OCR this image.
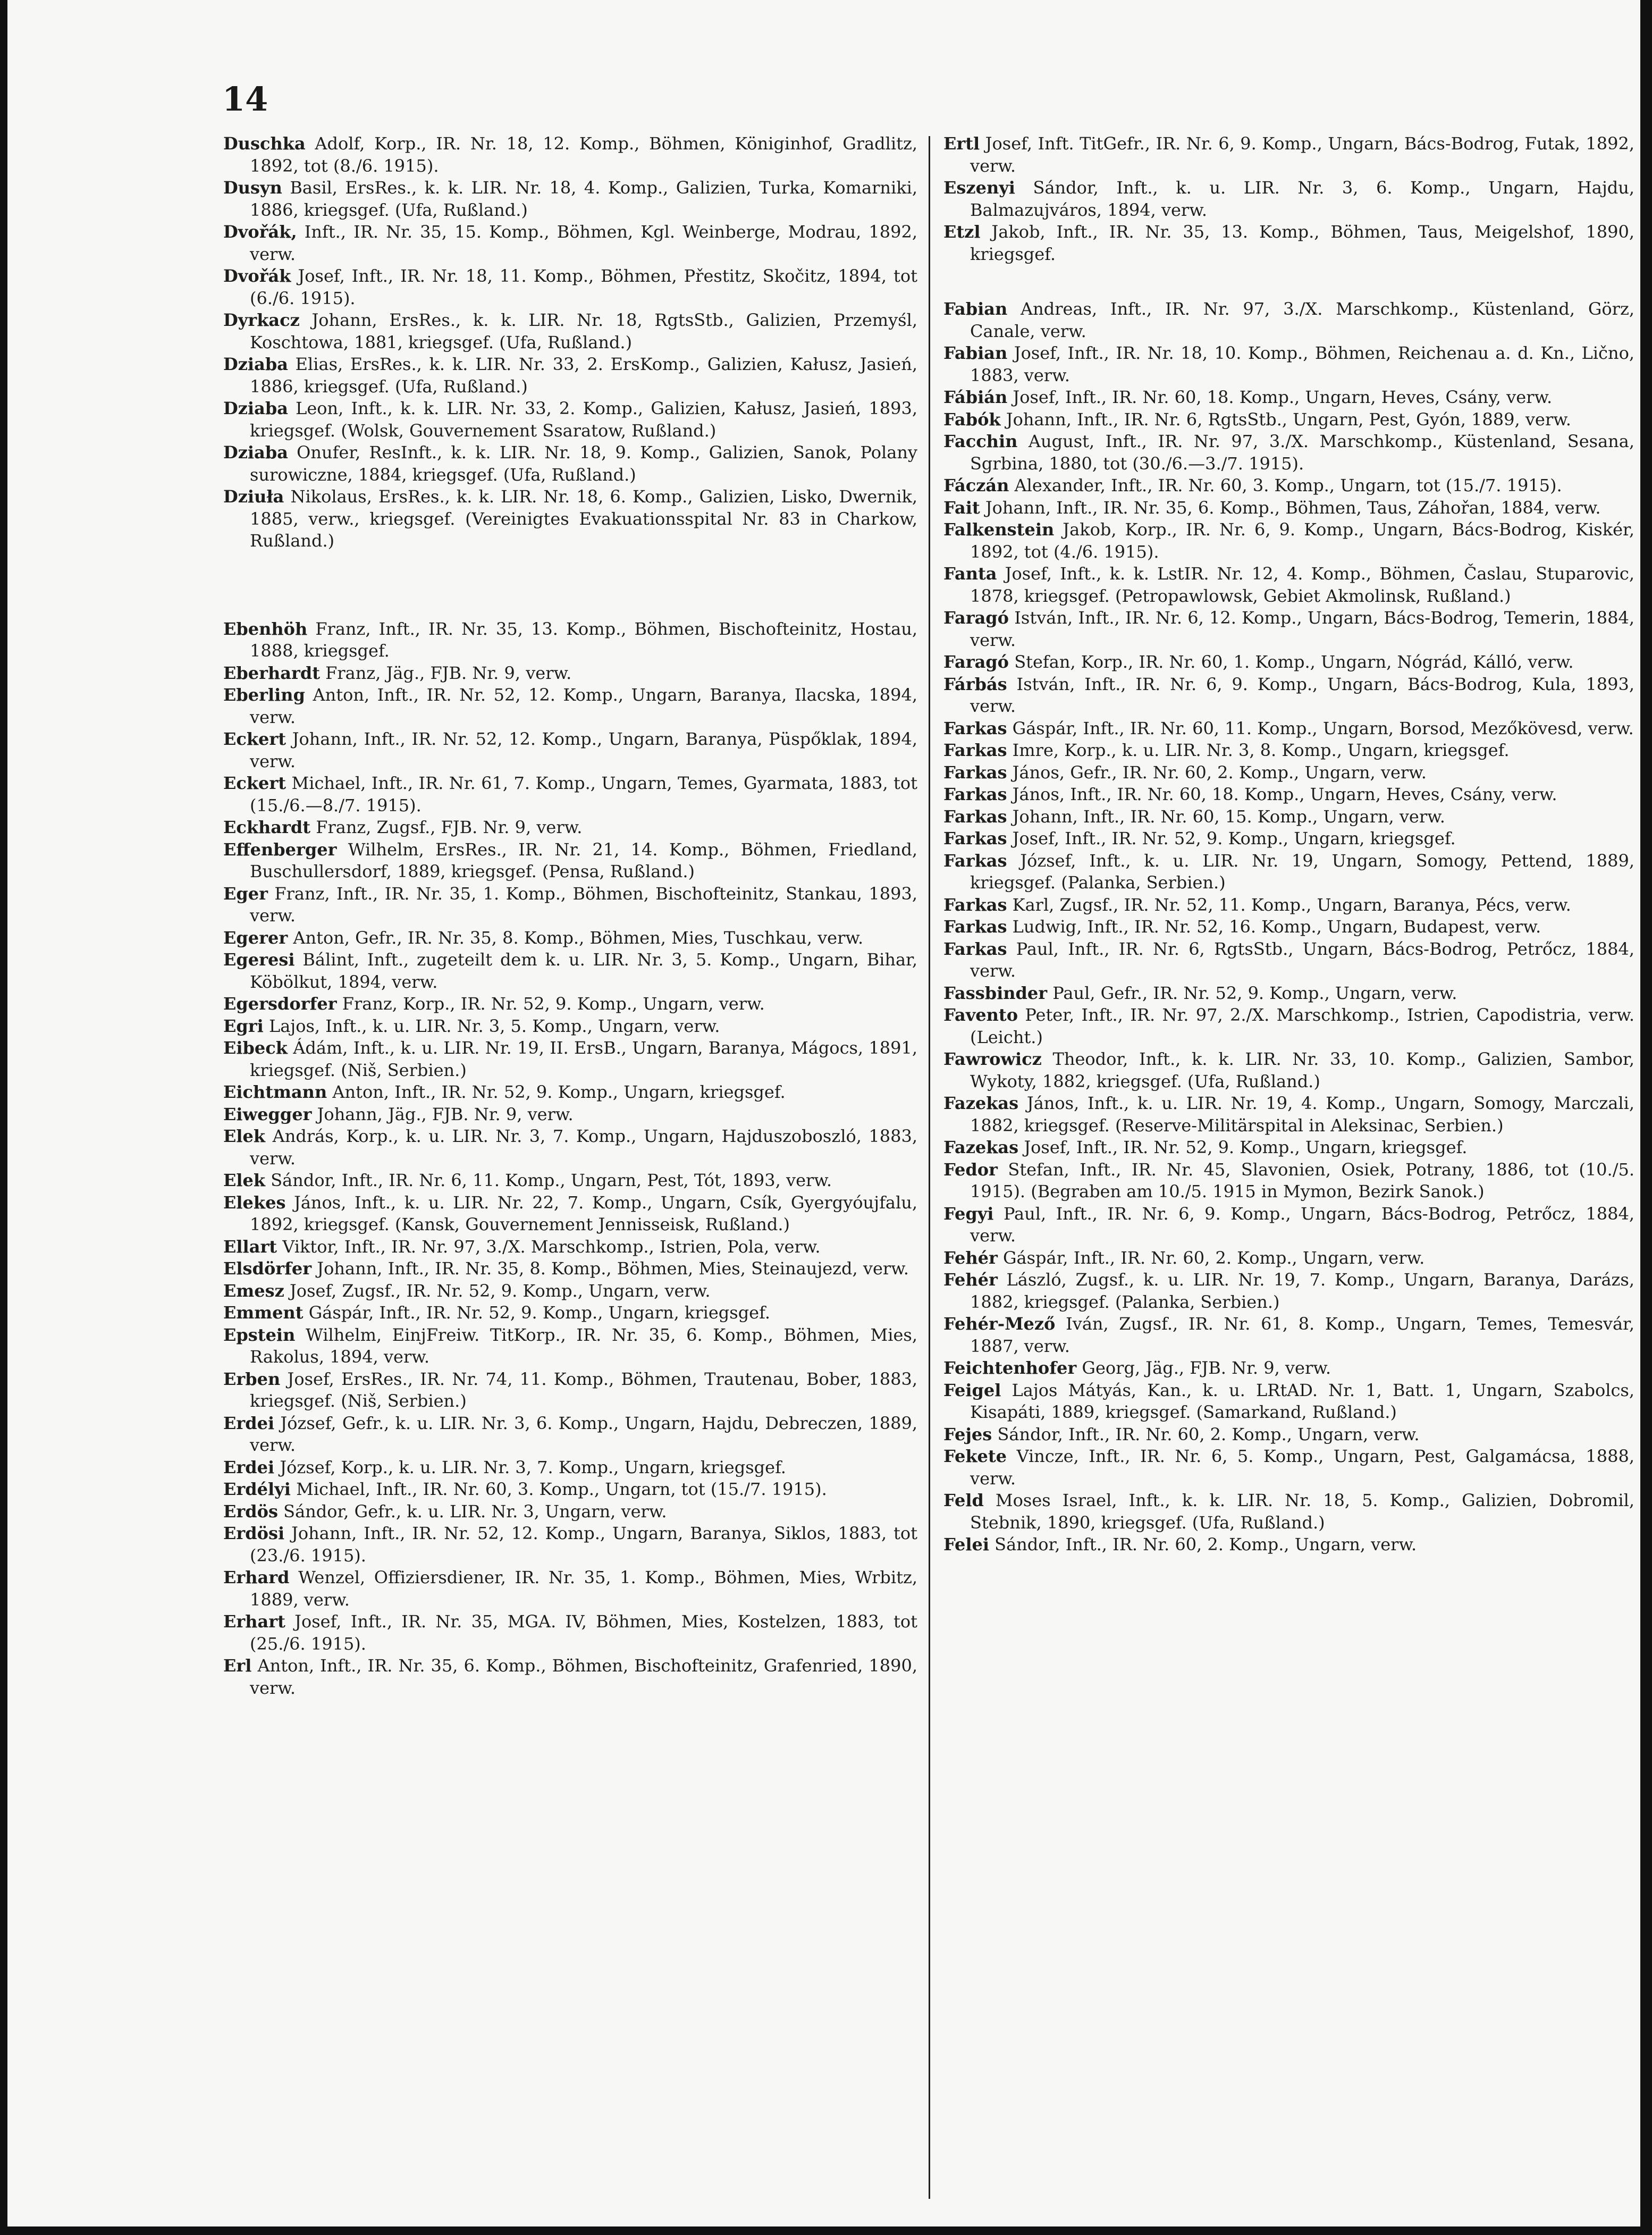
14

Duschka Adolf, Korp., IR. Nr. 18, 12. Komp., Böhmen, Königinhof, Gradlitz, 1892, tot (8./6. 1915).

Dusyn Basil, ErsRes., k. k. LIR. Nr. 18, 4. Komp., Galizien, Turka, Komarniki, 1886, kriegsgef. (Ufa, Rußland.)

Dvořák, Inft., IR. Nr. 35, 15. Komp., Böhmen, Kgl. Weinberge, Modrau, 1892, verw.

Dvořák Josef, Inft., IR. Nr. 18, 11. Komp., Böhmen, Přestitz, Skočitz, 1894, tot (6./6. 1915).

Dyrkacz Johann, ErsRes., k. k. LIR. Nr. 18, RgtsStb., Galizien, Przemyśl, Koschtowa, 1881, kriegsgef. (Ufa, Rußland.)

Dziaba Elias, ErsRes., k. k. LIR. Nr. 33, 2. ErsKomp., Galizien, Kałusz, Jasień, 1886, kriegsgef. (Ufa, Rußland.)

Dziaba Leon, Inft., k. k. LIR. Nr. 33, 2. Komp., Galizien, Kałusz, Jasień, 1893, kriegsgef. (Wolsk, Gouvernement Ssaratow, Rußland.)

Dziaba Onufer, ResInft., k. k. LIR. Nr. 18, 9. Komp., Galizien, Sanok, Polany surowiczne, 1884, kriegsgef. (Ufa, Rußland.)

Dziuła Nikolaus, ErsRes., k. k. LIR. Nr. 18, 6. Komp., Galizien, Lisko, Dwernik, 1885, verw., kriegsgef. (Vereinigtes Evakuationsspital Nr. 83 in Charkow, Rußland.)

Ebenhöh Franz, Inft., IR. Nr. 35, 13. Komp., Böhmen, Bischofteinitz, Hostau, 1888, kriegsgef.

Eberhardt Franz, Jäg., FJB. Nr. 9, verw.

Eberling Anton, Inft., IR. Nr. 52, 12. Komp., Ungarn, Baranya, Ilacska, 1894, verw.

Eckert Johann, Inft., IR. Nr. 52, 12. Komp., Ungarn, Baranya, Püspőklak, 1894, verw.

Eckert Michael, Inft., IR. Nr. 61, 7. Komp., Ungarn, Temes, Gyarmata, 1883, tot (15./6.—8./7. 1915).

Eckhardt Franz, Zugsf., FJB. Nr. 9, verw.

Effenberger Wilhelm, ErsRes., IR. Nr. 21, 14. Komp., Böhmen, Friedland, Buschullersdorf, 1889, kriegsgef. (Pensa, Rußland.)

Eger Franz, Inft., IR. Nr. 35, 1. Komp., Böhmen, Bischofteinitz, Stankau, 1893, verw.

Egerer Anton, Gefr., IR. Nr. 35, 8. Komp., Böhmen, Mies, Tuschkau, verw.

Egeresi Bálint, Inft., zugeteilt dem k. u. LIR. Nr. 3, 5. Komp., Ungarn, Bihar, Köbölkut, 1894, verw.

Egersdorfer Franz, Korp., IR. Nr. 52, 9. Komp., Ungarn, verw.

Egri Lajos, Inft., k. u. LIR. Nr. 3, 5. Komp., Ungarn, verw.

Eibeck Ádám, Inft., k. u. LIR. Nr. 19, II. ErsB., Ungarn, Baranya, Mágocs, 1891, kriegsgef. (Niš, Serbien.)

Eichtmann Anton, Inft., IR. Nr. 52, 9. Komp., Ungarn, kriegsgef.

Eiwegger Johann, Jäg., FJB. Nr. 9, verw.

Elek András, Korp., k. u. LIR. Nr. 3, 7. Komp., Ungarn, Hajduszoboszló, 1883, verw.

Elek Sándor, Inft., IR. Nr. 6, 11. Komp., Ungarn, Pest, Tót, 1893, verw.

Elekes János, Inft., k. u. LIR. Nr. 22, 7. Komp., Ungarn, Csík, Gyergyóujfalu, 1892, kriegsgef. (Kansk, Gouvernement Jennisseisk, Rußland.)

Ellart Viktor, Inft., IR. Nr. 97, 3./X. Marschkomp., Istrien, Pola, verw.

Elsdörfer Johann, Inft., IR. Nr. 35, 8. Komp., Böhmen, Mies, Steinaujezd, verw.

Emesz Josef, Zugsf., IR. Nr. 52, 9. Komp., Ungarn, verw.

Emment Gáspár, Inft., IR. Nr. 52, 9. Komp., Ungarn, kriegsgef.

Epstein Wilhelm, EinjFreiw. TitKorp., IR. Nr. 35, 6. Komp., Böhmen, Mies, Rakolus, 1894, verw.

Erben Josef, ErsRes., IR. Nr. 74, 11. Komp., Böhmen, Trautenau, Bober, 1883, kriegsgef. (Niš, Serbien.)

Erdei József, Gefr., k. u. LIR. Nr. 3, 6. Komp., Ungarn, Hajdu, Debreczen, 1889, verw.

Erdei József, Korp., k. u. LIR. Nr. 3, 7. Komp., Ungarn, kriegsgef.

Erdélyi Michael, Inft., IR. Nr. 60, 3. Komp., Ungarn, tot (15./7. 1915).

Erdös Sándor, Gefr., k. u. LIR. Nr. 3, Ungarn, verw.

Erdösi Johann, Inft., IR. Nr. 52, 12. Komp., Ungarn, Baranya, Siklos, 1883, tot (23./6. 1915).

Erhard Wenzel, Offiziersdiener, IR. Nr. 35, 1. Komp., Böhmen, Mies, Wrbitz, 1889, verw.

Erhart Josef, Inft., IR. Nr. 35, MGA. IV, Böhmen, Mies, Kostelzen, 1883, tot (25./6. 1915).

Erl Anton, Inft., IR. Nr. 35, 6. Komp., Böhmen, Bischofteinitz, Grafenried, 1890, verw.

Ertl Josef, Inft. TitGefr., IR. Nr. 6, 9. Komp., Ungarn, Bács-Bodrog, Futak, 1892, verw.

Eszenyi Sándor, Inft., k. u. LIR. Nr. 3, 6. Komp., Ungarn, Hajdu, Balmazujváros, 1894, verw.

Etzl Jakob, Inft., IR. Nr. 35, 13. Komp., Böhmen, Taus, Meigelshof, 1890, kriegsgef.

Fabian Andreas, Inft., IR. Nr. 97, 3./X. Marschkomp., Küstenland, Görz, Canale, verw.

Fabian Josef, Inft., IR. Nr. 18, 10. Komp., Böhmen, Reichenau a. d. Kn., Lično, 1883, verw.

Fábián Josef, Inft., IR. Nr. 60, 18. Komp., Ungarn, Heves, Csány, verw.

Fabók Johann, Inft., IR. Nr. 6, RgtsStb., Ungarn, Pest, Gyón, 1889, verw.

Facchin August, Inft., IR. Nr. 97, 3./X. Marschkomp., Küstenland, Sesana, Sgrbina, 1880, tot (30./6.—3./7. 1915).

Fáczán Alexander, Inft., IR. Nr. 60, 3. Komp., Ungarn, tot (15./7. 1915).

Fait Johann, Inft., IR. Nr. 35, 6. Komp., Böhmen, Taus, Záhořan, 1884, verw.

Falkenstein Jakob, Korp., IR. Nr. 6, 9. Komp., Ungarn, Bács-Bodrog, Kiskér, 1892, tot (4./6. 1915).

Fanta Josef, Inft., k. k. LstIR. Nr. 12, 4. Komp., Böhmen, Časlau, Stuparovic, 1878, kriegsgef. (Petropawlowsk, Gebiet Akmolinsk, Rußland.)

Faragó István, Inft., IR. Nr. 6, 12. Komp., Ungarn, Bács-Bodrog, Temerin, 1884, verw.

Faragó Stefan, Korp., IR. Nr. 60, 1. Komp., Ungarn, Nógrád, Kálló, verw.

Fárbás István, Inft., IR. Nr. 6, 9. Komp., Ungarn, Bács-Bodrog, Kula, 1893, verw.

Farkas Gáspár, Inft., IR. Nr. 60, 11. Komp., Ungarn, Borsod, Mezőkövesd, verw.

Farkas Imre, Korp., k. u. LIR. Nr. 3, 8. Komp., Ungarn, kriegsgef.

Farkas János, Gefr., IR. Nr. 60, 2. Komp., Ungarn, verw.

Farkas János, Inft., IR. Nr. 60, 18. Komp., Ungarn, Heves, Csány, verw.

Farkas Johann, Inft., IR. Nr. 60, 15. Komp., Ungarn, verw.

Farkas Josef, Inft., IR. Nr. 52, 9. Komp., Ungarn, kriegsgef.

Farkas József, Inft., k. u. LIR. Nr. 19, Ungarn, Somogy, Pettend, 1889, kriegsgef. (Palanka, Serbien.)

Farkas Karl, Zugsf., IR. Nr. 52, 11. Komp., Ungarn, Baranya, Pécs, verw.

Farkas Ludwig, Inft., IR. Nr. 52, 16. Komp., Ungarn, Budapest, verw.

Farkas Paul, Inft., IR. Nr. 6, RgtsStb., Ungarn, Bács-Bodrog, Petrőcz, 1884, verw.

Fassbinder Paul, Gefr., IR. Nr. 52, 9. Komp., Ungarn, verw.

Favento Peter, Inft., IR. Nr. 97, 2./X. Marschkomp., Istrien, Capodistria, verw. (Leicht.)

Fawrowicz Theodor, Inft., k. k. LIR. Nr. 33, 10. Komp., Galizien, Sambor, Wykoty, 1882, kriegsgef. (Ufa, Rußland.)

Fazekas János, Inft., k. u. LIR. Nr. 19, 4. Komp., Ungarn, Somogy, Marczali, 1882, kriegsgef. (Reserve-Militärspital in Aleksinac, Serbien.)

Fazekas Josef, Inft., IR. Nr. 52, 9. Komp., Ungarn, kriegsgef.

Fedor Stefan, Inft., IR. Nr. 45, Slavonien, Osiek, Potrany, 1886, tot (10./5. 1915). (Begraben am 10./5. 1915 in Mymon, Bezirk Sanok.)

Fegyi Paul, Inft., IR. Nr. 6, 9. Komp., Ungarn, Bács-Bodrog, Petrőcz, 1884, verw.

Fehér Gáspár, Inft., IR. Nr. 60, 2. Komp., Ungarn, verw.

Fehér László, Zugsf., k. u. LIR. Nr. 19, 7. Komp., Ungarn, Baranya, Darázs, 1882, kriegsgef. (Palanka, Serbien.)

Fehér-Mező Iván, Zugsf., IR. Nr. 61, 8. Komp., Ungarn, Temes, Temesvár, 1887, verw.

Feichtenhofer Georg, Jäg., FJB. Nr. 9, verw.

Feigel Lajos Mátyás, Kan., k. u. LRtAD. Nr. 1, Batt. 1, Ungarn, Szabolcs, Kisapáti, 1889, kriegsgef. (Samarkand, Rußland.)

Fejes Sándor, Inft., IR. Nr. 60, 2. Komp., Ungarn, verw.

Fekete Vincze, Inft., IR. Nr. 6, 5. Komp., Ungarn, Pest, Galgamácsa, 1888, verw.

Feld Moses Israel, Inft., k. k. LIR. Nr. 18, 5. Komp., Galizien, Dobromil, Stebnik, 1890, kriegsgef. (Ufa, Rußland.)

Felei Sándor, Inft., IR. Nr. 60, 2. Komp., Ungarn, verw.
